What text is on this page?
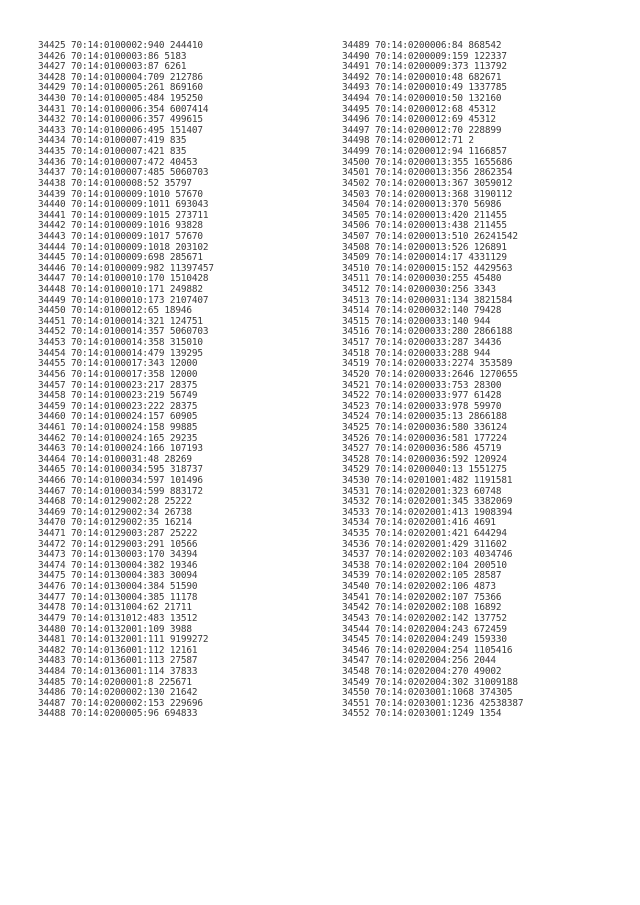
34425 70:14:0100002:940 244410
34426 70:14:0100003:86 5183
34427 70:14:0100003:87 6261
34428 70:14:0100004:709 212786
34429 70:14:0100005:261 869160
34430 70:14:0100005:484 195250
34431 70:14:0100006:354 6007414
34432 70:14:0100006:357 499615
34433 70:14:0100006:495 151407
34434 70:14:0100007:419 835
34435 70:14:0100007:421 835
34436 70:14:0100007:472 40453
34437 70:14:0100007:485 5060703
34438 70:14:0100008:52 35797
34439 70:14:0100009:1010 57670
34440 70:14:0100009:1011 693043
34441 70:14:0100009:1015 273711
34442 70:14:0100009:1016 93828
34443 70:14:0100009:1017 57670
34444 70:14:0100009:1018 203102
34445 70:14:0100009:698 285671
34446 70:14:0100009:982 11397457
34447 70:14:0100010:170 1510428
34448 70:14:0100010:171 249882
34449 70:14:0100010:173 2107407
34450 70:14:0100012:65 18946
34451 70:14:0100014:321 124751
34452 70:14:0100014:357 5060703
34453 70:14:0100014:358 315010
34454 70:14:0100014:479 139295
34455 70:14:0100017:343 12000
34456 70:14:0100017:358 12000
34457 70:14:0100023:217 28375
34458 70:14:0100023:219 56749
34459 70:14:0100023:222 28375
34460 70:14:0100024:157 60905
34461 70:14:0100024:158 99885
34462 70:14:0100024:165 29235
34463 70:14:0100024:166 107193
34464 70:14:0100031:48 28269
34465 70:14:0100034:595 318737
34466 70:14:0100034:597 101496
34467 70:14:0100034:599 883172
34468 70:14:0129002:28 25222
34469 70:14:0129002:34 26738
34470 70:14:0129002:35 16214
34471 70:14:0129003:287 25222
34472 70:14:0129003:291 10566
34473 70:14:0130003:170 34394
34474 70:14:0130004:382 19346
34475 70:14:0130004:383 30094
34476 70:14:0130004:384 51590
34477 70:14:0130004:385 11178
34478 70:14:0131004:62 21711
34479 70:14:0131012:483 13512
34480 70:14:0132001:109 3988
34481 70:14:0132001:111 9199272
34482 70:14:0136001:112 12161
34483 70:14:0136001:113 27587
34484 70:14:0136001:114 37833
34485 70:14:0200001:8 225671
34486 70:14:0200002:130 21642
34487 70:14:0200002:153 229696
34488 70:14:0200005:96 694833
34489 70:14:0200006:84 868542
34490 70:14:0200009:159 122337
34491 70:14:0200009:373 113792
34492 70:14:0200010:48 682671
34493 70:14:0200010:49 1337785
34494 70:14:0200010:50 132160
34495 70:14:0200012:68 45312
34496 70:14:0200012:69 45312
34497 70:14:0200012:70 228899
34498 70:14:0200012:71 2
34499 70:14:0200012:94 1166857
34500 70:14:0200013:355 1655686
34501 70:14:0200013:356 2862354
34502 70:14:0200013:367 3059012
34503 70:14:0200013:368 3190112
34504 70:14:0200013:370 56986
34505 70:14:0200013:420 211455
34506 70:14:0200013:438 211455
34507 70:14:0200013:510 26241542
34508 70:14:0200013:526 126891
34509 70:14:0200014:17 4331129
34510 70:14:0200015:152 4429563
34511 70:14:0200030:255 45480
34512 70:14:0200030:256 3343
34513 70:14:0200031:134 3821584
34514 70:14:0200032:140 79428
34515 70:14:0200033:140 944
34516 70:14:0200033:280 2866188
34517 70:14:0200033:287 34436
34518 70:14:0200033:288 944
34519 70:14:0200033:2274 353589
34520 70:14:0200033:2646 1270655
34521 70:14:0200033:753 28300
34522 70:14:0200033:977 61428
34523 70:14:0200033:978 59970
34524 70:14:0200035:13 2866188
34525 70:14:0200036:580 336124
34526 70:14:0200036:581 177224
34527 70:14:0200036:586 45719
34528 70:14:0200036:592 120924
34529 70:14:0200040:13 1551275
34530 70:14:0201001:482 1191581
34531 70:14:0202001:323 60748
34532 70:14:0202001:345 3382069
34533 70:14:0202001:413 1908394
34534 70:14:0202001:416 4691
34535 70:14:0202001:421 644294
34536 70:14:0202001:429 311602
34537 70:14:0202002:103 4034746
34538 70:14:0202002:104 200510
34539 70:14:0202002:105 28587
34540 70:14:0202002:106 4873
34541 70:14:0202002:107 75366
34542 70:14:0202002:108 16892
34543 70:14:0202002:142 137752
34544 70:14:0202004:243 672459
34545 70:14:0202004:249 159330
34546 70:14:0202004:254 1105416
34547 70:14:0202004:256 2044
34548 70:14:0202004:270 49002
34549 70:14:0202004:302 31009188
34550 70:14:0203001:1068 374305
34551 70:14:0203001:1236 42538387
34552 70:14:0203001:1249 1354
